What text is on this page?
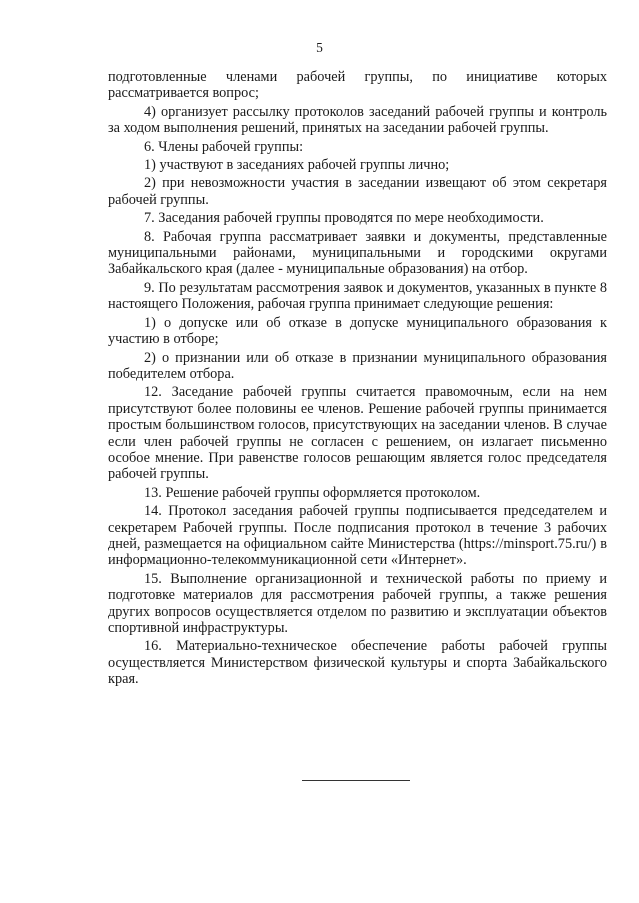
5

подготовленные членами рабочей группы, по инициативе которых рассматривается вопрос;

4) организует рассылку протоколов заседаний рабочей группы и контроль за ходом выполнения решений, принятых на заседании рабочей группы.

6. Члены рабочей группы:

1) участвуют в заседаниях рабочей группы лично;

2) при невозможности участия в заседании извещают об этом секретаря рабочей группы.

7. Заседания рабочей группы проводятся по мере необходимости.

8. Рабочая группа рассматривает заявки и документы, представленные муниципальными районами, муниципальными и городскими округами Забайкальского края (далее - муниципальные образования) на отбор.

9. По результатам рассмотрения заявок и документов, указанных в пункте 8 настоящего Положения, рабочая группа принимает следующие решения:

1) о допуске или об отказе в допуске муниципального образования к участию в отборе;

2) о признании или об отказе в признании муниципального образования победителем отбора.

12. Заседание рабочей группы считается правомочным, если на нем присутствуют более половины ее членов. Решение рабочей группы принимается простым большинством голосов, присутствующих на заседании членов. В случае если член рабочей группы не согласен с решением, он излагает письменно особое мнение. При равенстве голосов решающим является голос председателя рабочей группы.

13. Решение рабочей группы оформляется протоколом.

14. Протокол заседания рабочей группы подписывается председателем и секретарем Рабочей группы. После подписания протокол в течение 3 рабочих дней, размещается на официальном сайте Министерства (https://minsport.75.ru/) в информационно-телекоммуникационной сети «Интернет».

15. Выполнение организационной и технической работы по приему и подготовке материалов для рассмотрения рабочей группы, а также решения других вопросов осуществляется отделом по развитию и эксплуатации объектов спортивной инфраструктуры.

16. Материально-техническое обеспечение работы рабочей группы осуществляется Министерством физической культуры и спорта Забайкальского края.
